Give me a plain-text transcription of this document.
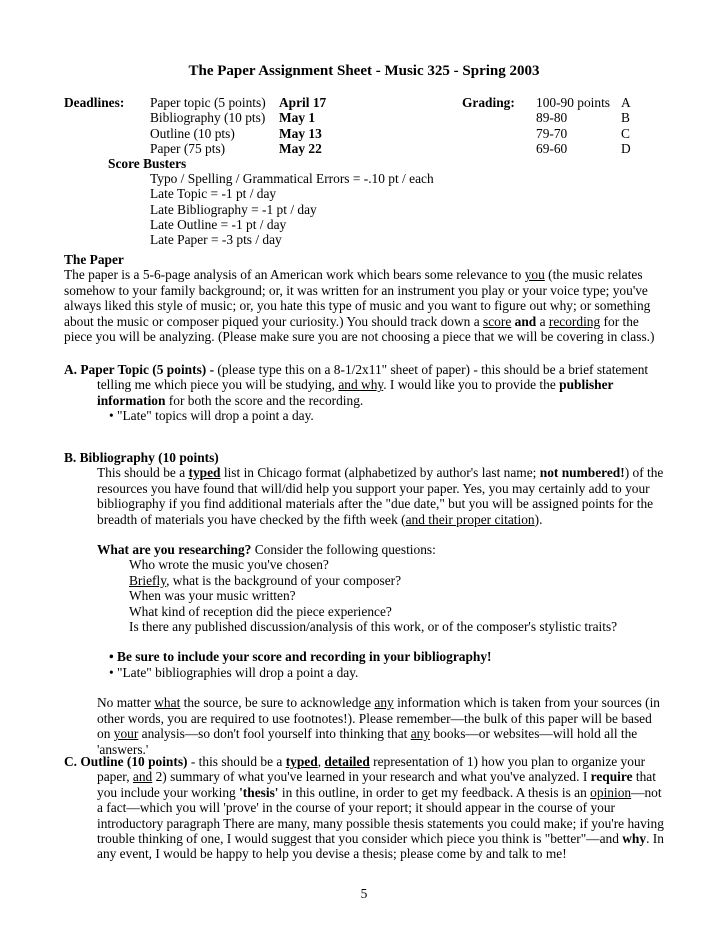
The Paper Assignment Sheet - Music 325 - Spring 2003
Deadlines: Paper topic (5 points)
Bibliography (10 pts)
Outline (10 pts)
Paper (75 pts)
April 17
May 1
May 13
May 22
Grading: 100-90 points
89-80
79-70
69-60
A
B
C
D
Score Busters
Typo / Spelling / Grammatical Errors = -.10 pt / each
Late Topic = -1 pt / day
Late Bibliography = -1 pt / day
Late Outline = -1 pt / day
Late Paper = -3 pts / day

The Paper

The paper is a 5-6-page analysis of an American work which bears some relevance to you (the music relates somehow to your family background; or, it was written for an instrument you play or your voice type; you've always liked this style of music; or, you hate this type of music and you want to figure out why; or something about the music or composer piqued your curiosity.) You should track down a score and a recording for the piece you will be analyzing. (Please make sure you are not choosing a piece that we will be covering in class.)

A. Paper Topic (5 points) - (please type this on a 8-1/2x11" sheet of paper) - this should be a brief statement telling me which piece you will be studying, and why. I would like you to provide the publisher information for both the score and the recording.

• "Late" topics will drop a point a day.

B. Bibliography (10 points)

This should be a typed list in Chicago format (alphabetized by author's last name; not numbered!) of the resources you have found that will/did help you support your paper. Yes, you may certainly add to your bibliography if you find additional materials after the "due date," but you will be assigned points for the breadth of materials you have checked by the fifth week (and their proper citation).

What are you researching? Consider the following questions:

Who wrote the music you've chosen?

Briefly, what is the background of your composer?

When was your music written?

What kind of reception did the piece experience?

Is there any published discussion/analysis of this work, or of the composer's stylistic traits?

• Be sure to include your score and recording in your bibliography!

• "Late" bibliographies will drop a point a day.

No matter what the source, be sure to acknowledge any information which is taken from your sources (in other words, you are required to use footnotes!). Please remember—the bulk of this paper will be based on your analysis—so don't fool yourself into thinking that any books—or websites—will hold all the 'answers.'

C. Outline (10 points) - this should be a typed, detailed representation of 1) how you plan to organize your paper, and 2) summary of what you've learned in your research and what you've analyzed. I require that you include your working 'thesis' in this outline, in order to get my feedback. A thesis is an opinion—not a fact—which you will 'prove' in the course of your report; it should appear in the course of your introductory paragraph There are many, many possible thesis statements you could make; if you're having trouble thinking of one, I would suggest that you consider which piece you think is "better"—and why. In any event, I would be happy to help you devise a thesis; please come by and talk to me!

5
